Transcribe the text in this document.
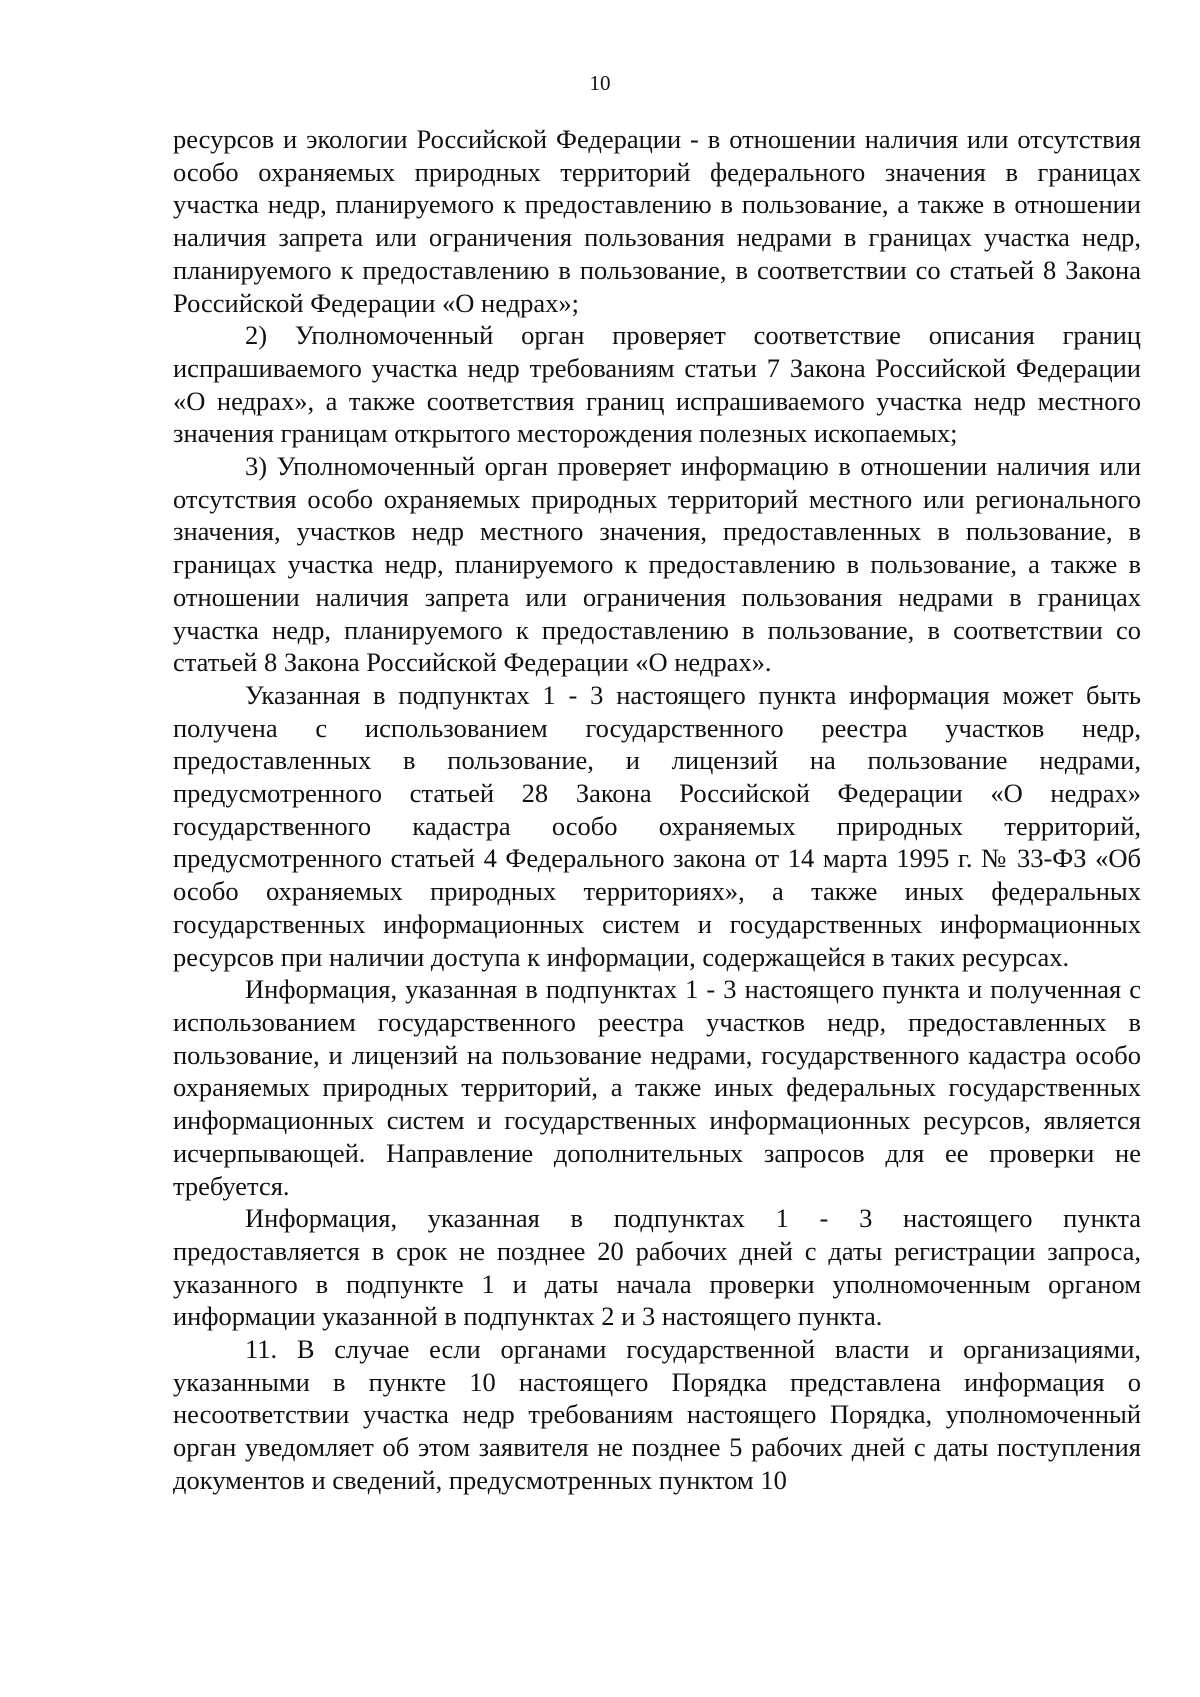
10

ресурсов и экологии Российской Федерации - в отношении наличия или отсутствия особо охраняемых природных территорий федерального значения в границах участка недр, планируемого к предоставлению в пользование, а также в отношении наличия запрета или ограничения пользования недрами в границах участка недр, планируемого к предоставлению в пользование, в соответствии со статьей 8 Закона Российской Федерации «О недрах»;

2) Уполномоченный орган проверяет соответствие описания границ испрашиваемого участка недр требованиям статьи 7 Закона Российской Федерации «О недрах», а также соответствия границ испрашиваемого участка недр местного значения границам открытого месторождения полезных ископаемых;

3) Уполномоченный орган проверяет информацию в отношении наличия или отсутствия особо охраняемых природных территорий местного или регионального значения, участков недр местного значения, предоставленных в пользование, в границах участка недр, планируемого к предоставлению в пользование, а также в отношении наличия запрета или ограничения пользования недрами в границах участка недр, планируемого к предоставлению в пользование, в соответствии со статьей 8 Закона Российской Федерации «О недрах».

Указанная в подпунктах 1 - 3 настоящего пункта информация может быть получена с использованием государственного реестра участков недр, предоставленных в пользование, и лицензий на пользование недрами, предусмотренного статьей 28 Закона Российской Федерации «О недрах» государственного кадастра особо охраняемых природных территорий, предусмотренного статьей 4 Федерального закона от 14 марта 1995 г. № 33-ФЗ «Об особо охраняемых природных территориях», а также иных федеральных государственных информационных систем и государственных информационных ресурсов при наличии доступа к информации, содержащейся в таких ресурсах.

Информация, указанная в подпунктах 1 - 3 настоящего пункта и полученная с использованием государственного реестра участков недр, предоставленных в пользование, и лицензий на пользование недрами, государственного кадастра особо охраняемых природных территорий, а также иных федеральных государственных информационных систем и государственных информационных ресурсов, является исчерпывающей. Направление дополнительных запросов для ее проверки не требуется.

Информация, указанная в подпунктах 1 - 3 настоящего пункта предоставляется в срок не позднее 20 рабочих дней с даты регистрации запроса, указанного в подпункте 1 и даты начала проверки уполномоченным органом информации указанной в подпунктах 2 и 3 настоящего пункта.

11. В случае если органами государственной власти и организациями, указанными в пункте 10 настоящего Порядка представлена информация о несоответствии участка недр требованиям настоящего Порядка, уполномоченный орган уведомляет об этом заявителя не позднее 5 рабочих дней с даты поступления документов и сведений, предусмотренных пунктом 10
